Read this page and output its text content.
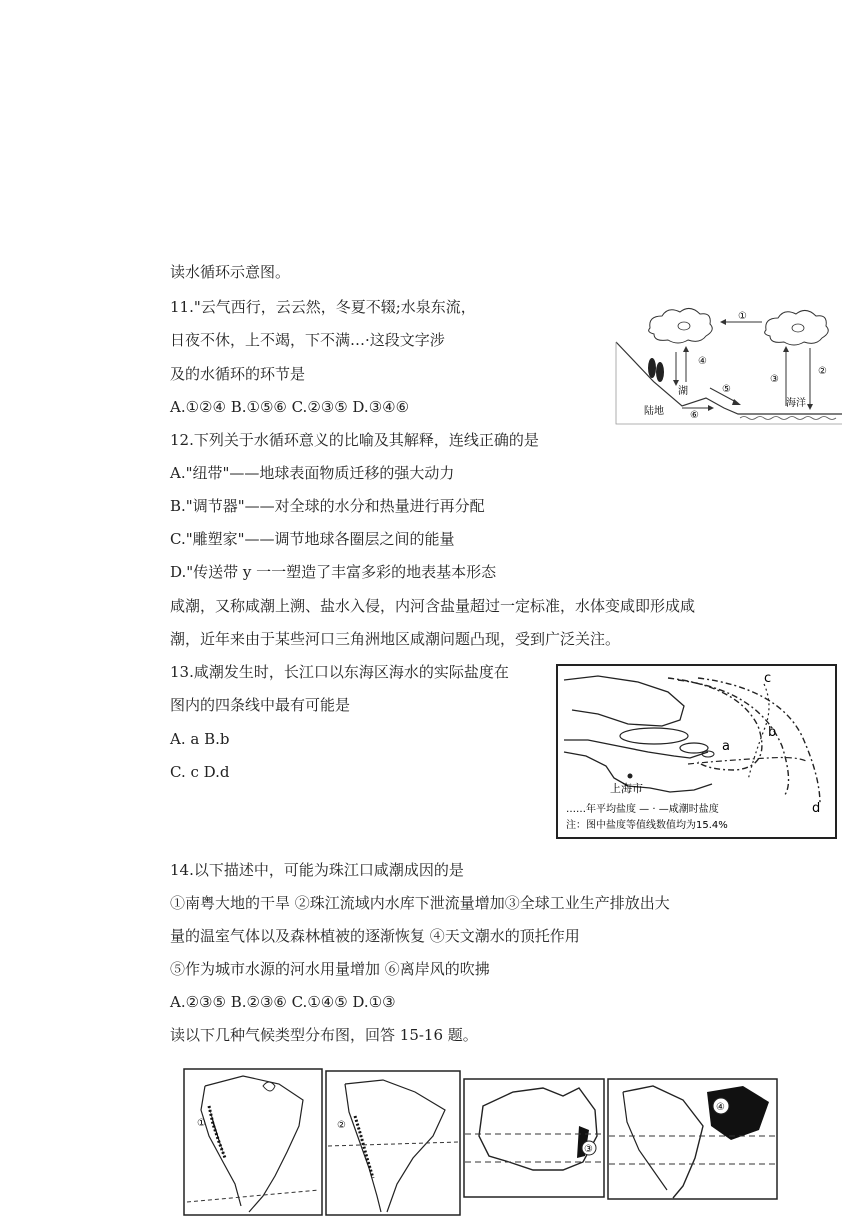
读水循环示意图。
11."云气西行，云云然，冬夏不辍;水泉东流，
日夜不休，上不竭，下不满…·这段文字涉
及的水循环的环节是
A.①②④ B.①⑤⑥ C.②③⑤ D.③④⑥
12.下列关于水循环意义的比喻及其解释，连线正确的是
A."纽带"——地球表面物质迁移的强大动力
B."调节器"——对全球的水分和热量进行再分配
C."雕塑家"——调节地球各圈层之间的能量
D."传送带 y 一一塑造了丰富多彩的地表基本形态
咸潮，又称咸潮上溯、盐水入侵，内河含盐量超过一定标准，水体变咸即形成咸
潮，近年来由于某些河口三角洲地区咸潮问题凸现，受到广泛关注。
13.咸潮发生时，长江口以东海区海水的实际盐度在
图内的四条线中最有可能是
A. a B.b
C. c D.d
14.以下描述中，可能为珠江口咸潮成因的是
①南粤大地的干旱 ②珠江流域内水库下泄流量增加③全球工业生产排放出大
量的温室气体以及森林植被的逐渐恢复 ④天文潮水的顶托作用
⑤作为城市水源的河水用量增加 ⑥离岸风的吹拂
A.②③⑤ B.②③⑥ C.①④⑤ D.①③
读以下几种气候类型分布图，回答 15-16 题。
①
④
③
②
⑤
⑥
湖
陆地
海洋
c
b
a
d
上海市
……年平均盐度 — · —咸潮时盐度
注：图中盐度等值线数值均为15.4%
①	②
③
④
